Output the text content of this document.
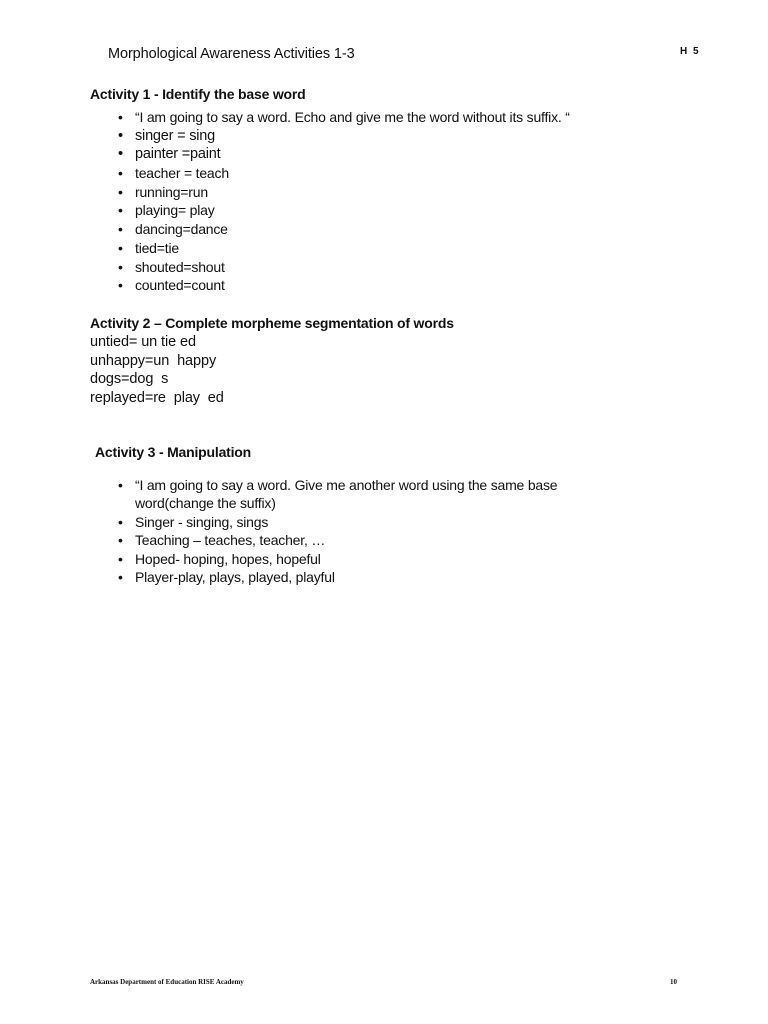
Morphological Awareness Activities 1-3	H 5
Activity 1 - Identify the base word
• “I am going to say a word. Echo and give me the word without its suffix. “
• singer = sing
• painter =paint
• teacher = teach
• running=run
• playing= play
• dancing=dance
• tied=tie
• shouted=shout
• counted=count
Activity 2 – Complete morpheme segmentation of words
untied= un tie ed
unhappy=un  happy
dogs=dog  s
replayed=re  play  ed
Activity 3 - Manipulation
• “I am going to say a word. Give me another word using the same base word(change the suffix)
• Singer - singing, sings
• Teaching – teaches, teacher, …
• Hoped- hoping, hopes, hopeful
• Player-play, plays, played, playful
Arkansas Department of Education RISE Academy	10
